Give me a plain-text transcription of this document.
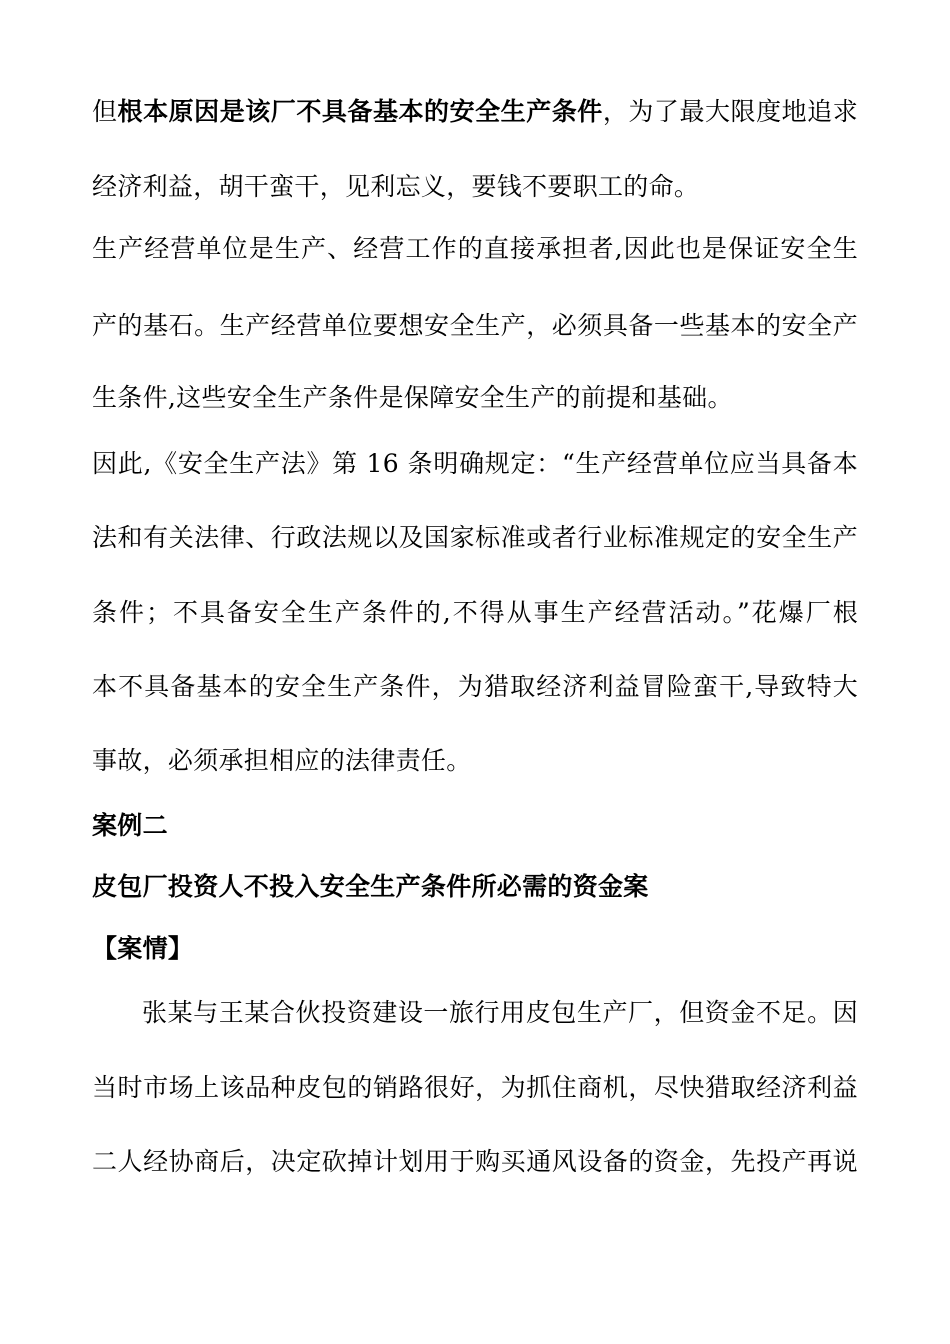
但根本原因是该厂不具备基本的安全生产条件，为了最大限度地追求
经济利益，胡干蛮干，见利忘义，要钱不要职工的命。
生产经营单位是生产、经营工作的直接承担者,因此也是保证安全生
产的基石。生产经营单位要想安全生产，必须具备一些基本的安全产
生条件,这些安全生产条件是保障安全生产的前提和基础。
因此,《安全生产法》第 16 条明确规定：“生产经营单位应当具备本
法和有关法律、行政法规以及国家标准或者行业标准规定的安全生产
条件；不具备安全生产条件的,不得从事生产经营活动。”花爆厂根
本不具备基本的安全生产条件，为猎取经济利益冒险蛮干,导致特大
事故，必须承担相应的法律责任。
案例二
皮包厂投资人不投入安全生产条件所必需的资金案
【案情】
张某与王某合伙投资建设一旅行用皮包生产厂，但资金不足。因
当时市场上该品种皮包的销路很好，为抓住商机，尽快猎取经济利益
二人经协商后，决定砍掉计划用于购买通风设备的资金，先投产再说
